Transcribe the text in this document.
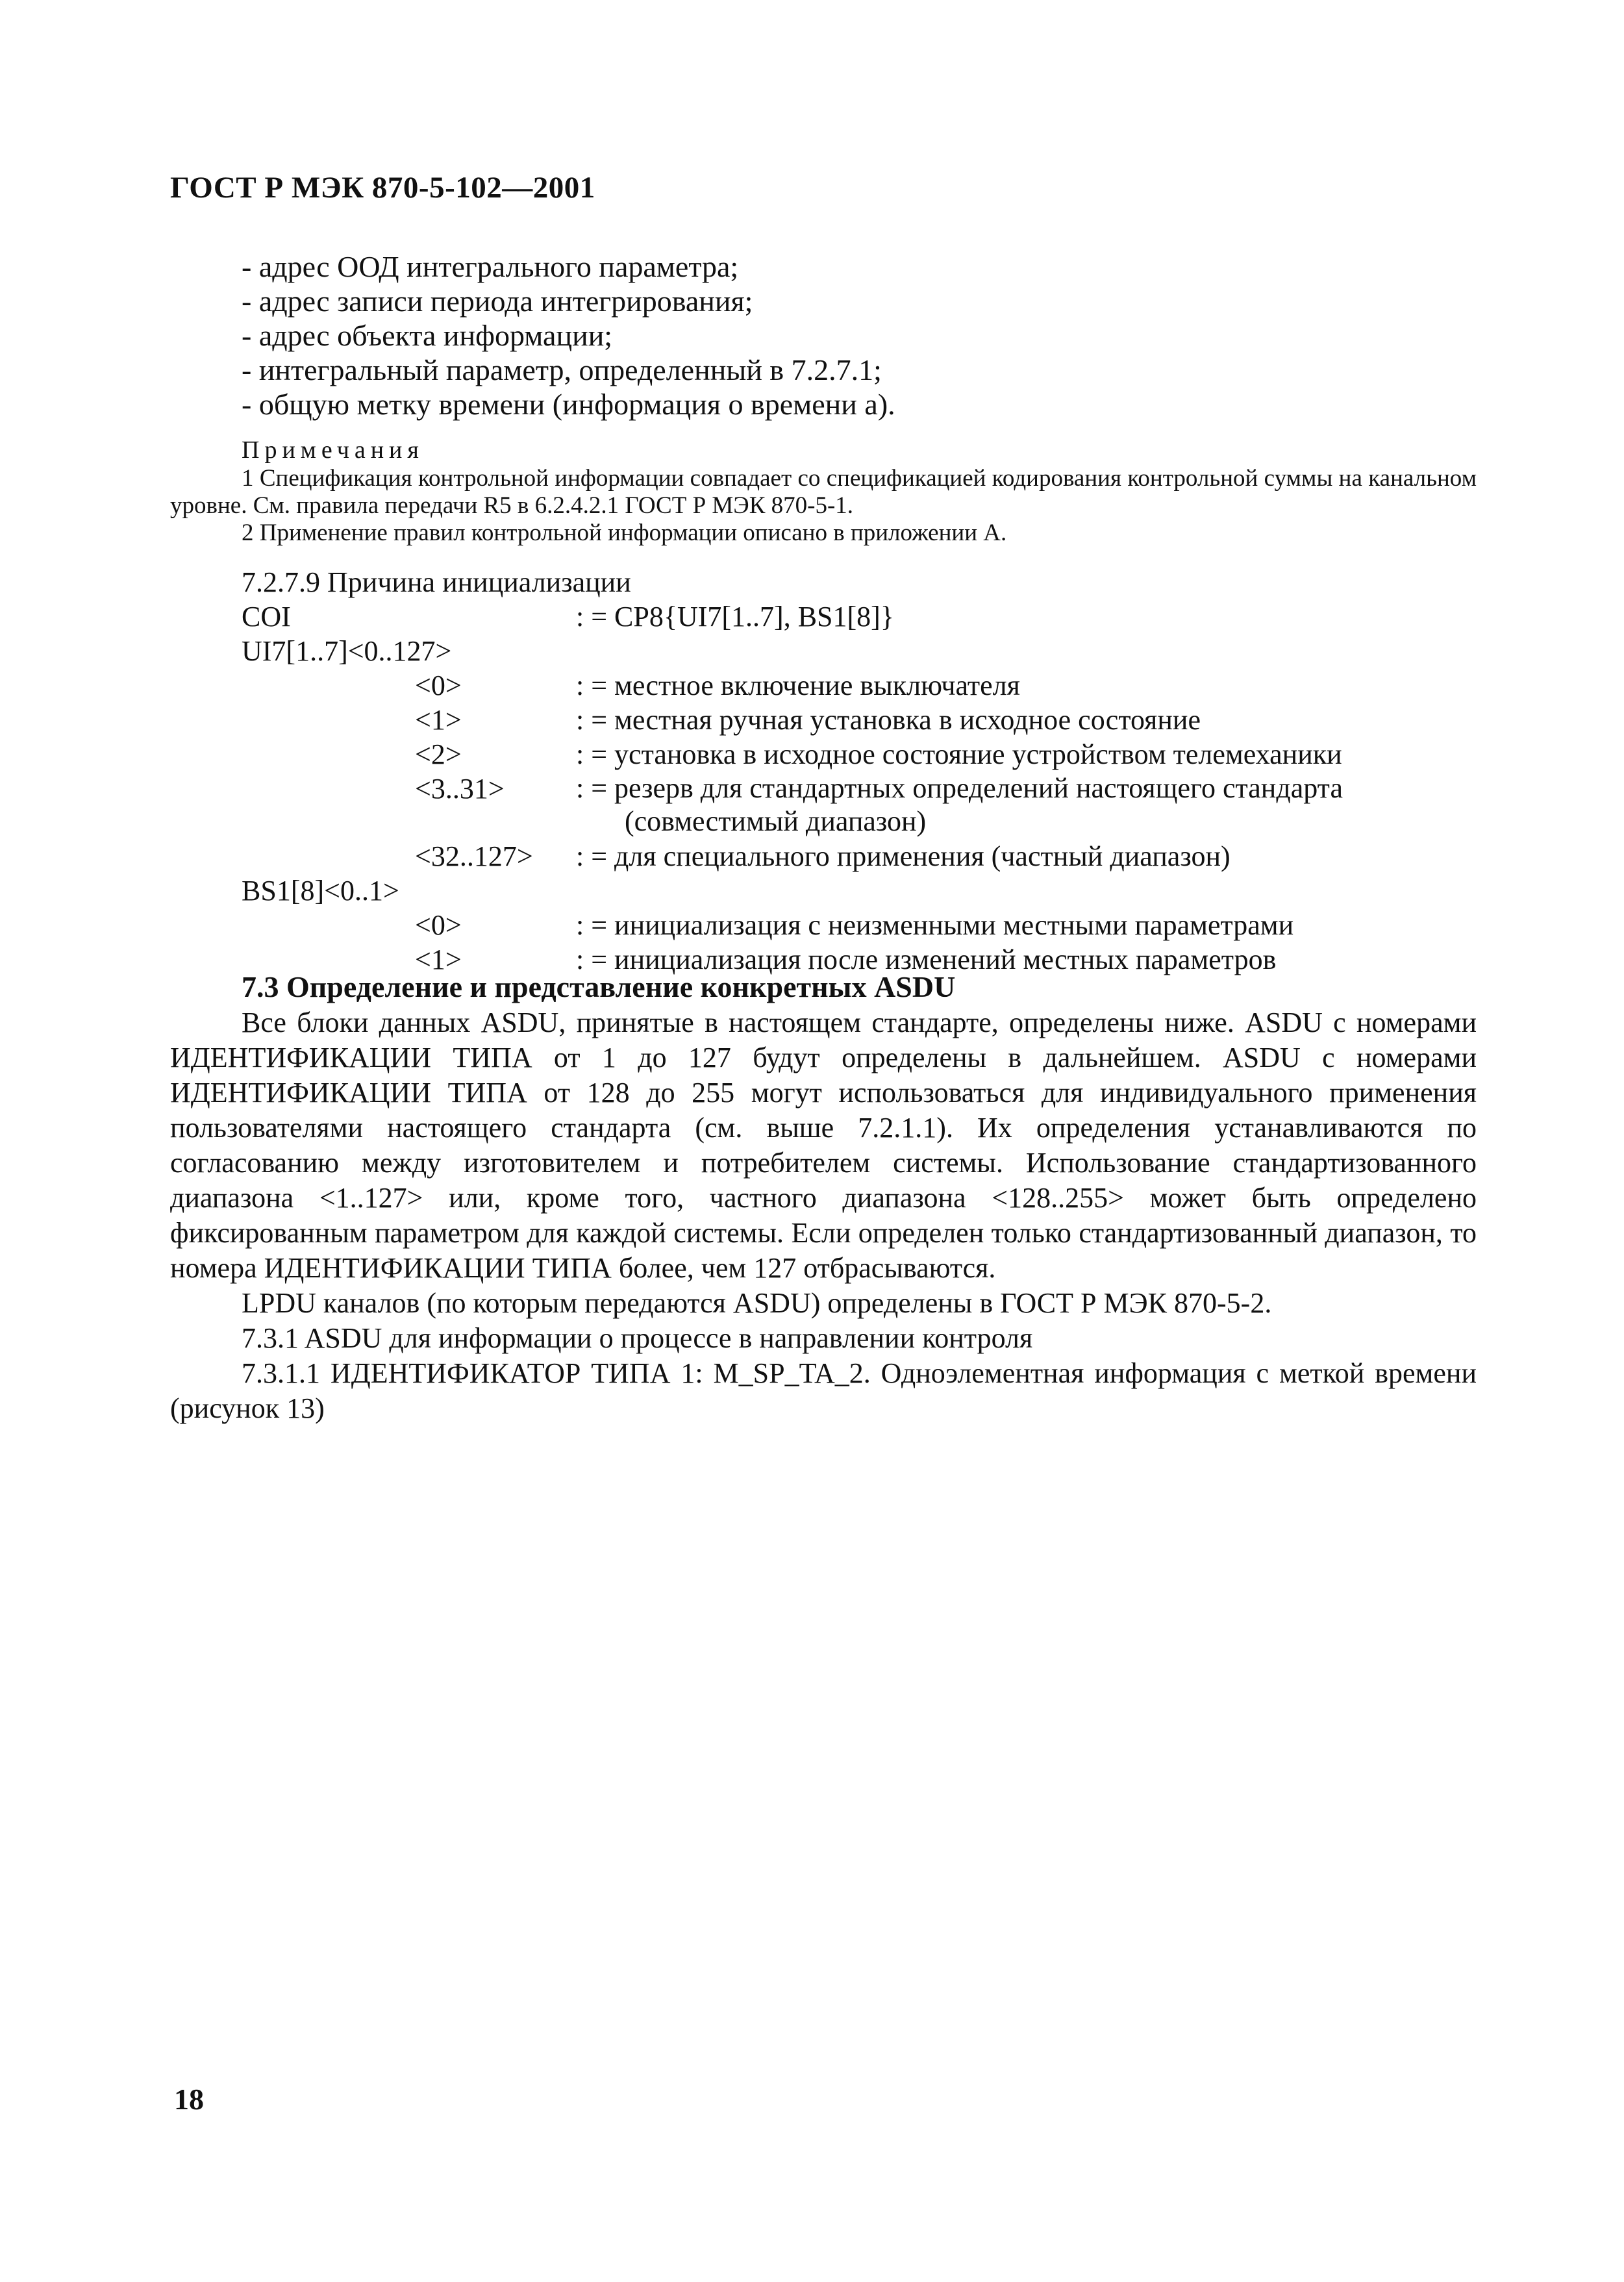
ГОСТ Р МЭК 870-5-102—2001
- адрес ООД интегрального параметра;
- адрес записи периода интегрирования;
- адрес объекта информации;
- интегральный параметр, определенный в 7.2.7.1;
- общую метку времени (информация о времени а).
Примечания
1 Спецификация контрольной информации совпадает со спецификацией кодирования контрольной суммы на канальном уровне. См. правила передачи R5 в 6.2.4.2.1 ГОСТ Р МЭК 870-5-1.
2 Применение правил контрольной информации описано в приложении А.
7.2.7.9 Причина инициализации
COI	: = CP8{UI7[1..7], BS1[8]}
UI7[1..7]<0..127>
<0>	: = местное включение выключателя
<1>	: = местная ручная установка в исходное состояние
<2>	: = установка в исходное состояние устройством телемеханики
<3..31>	: = резерв для стандартных определений настоящего стандарта (совместимый диапазон)
<32..127> : = для специального применения (частный диапазон)
BS1[8]<0..1>
<0>	: = инициализация с неизменными местными параметрами
<1>	: = инициализация после изменений местных параметров
7.3 Определение и представление конкретных ASDU

Все блоки данных ASDU, принятые в настоящем стандарте, определены ниже. ASDU с номерами ИДЕНТИФИКАЦИИ ТИПА от 1 до 127 будут определены в дальнейшем. ASDU с номерами ИДЕНТИФИКАЦИИ ТИПА от 128 до 255 могут использоваться для индивидуального применения пользователями настоящего стандарта (см. выше 7.2.1.1). Их определения устанавливаются по согласованию между изготовителем и потребителем системы. Использование стандартизованного диапазона <1..127> или, кроме того, частного диапазона <128..255> может быть определено фиксированным параметром для каждой системы. Если определен только стандартизованный диапазон, то номера ИДЕНТИФИКАЦИИ ТИПА более, чем 127 отбрасываются.

LPDU каналов (по которым передаются ASDU) определены в ГОСТ Р МЭК 870-5-2.

7.3.1 ASDU для информации о процессе в направлении контроля

7.3.1.1 ИДЕНТИФИКАТОР ТИПА 1: M_SP_TA_2. Одноэлементная информация с меткой времени (рисунок 13)

18
